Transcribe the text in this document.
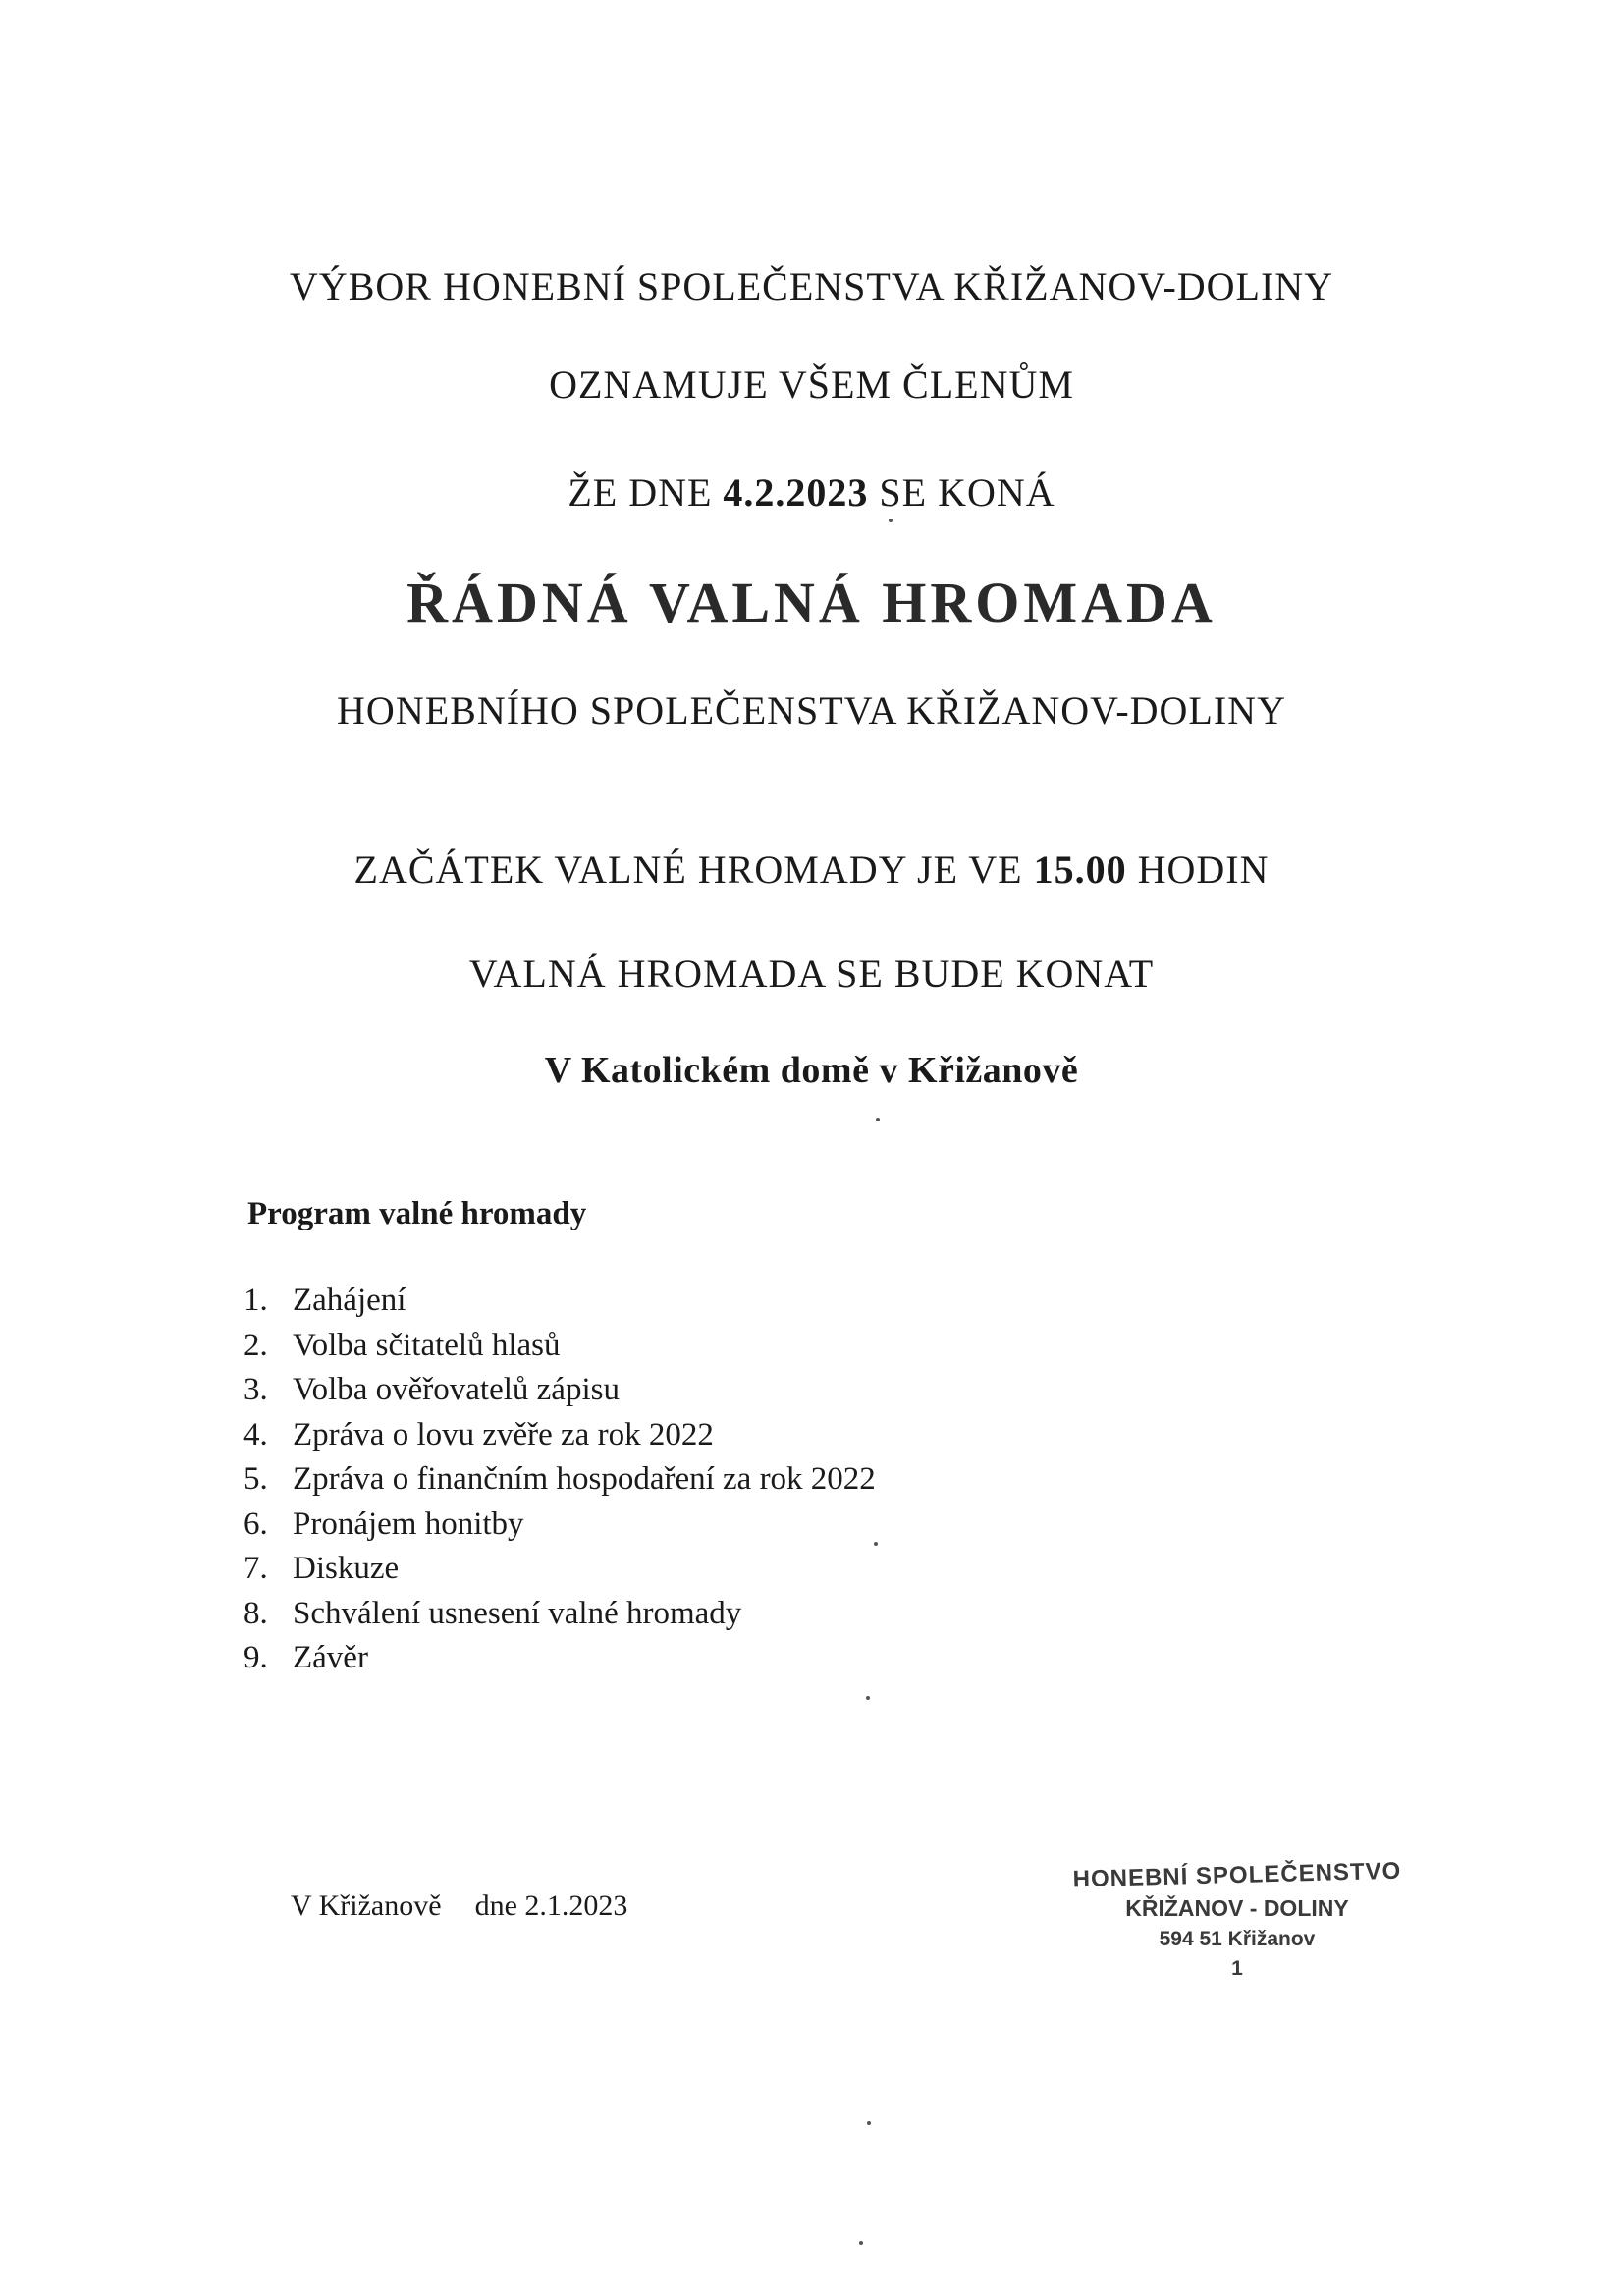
VÝBOR HONEBNÍ SPOLEČENSTVA KŘIŽANOV-DOLINY
OZNAMUJE VŠEM ČLENŮM
ŽE DNE 4.2.2023 SE KONÁ
ŘÁDNÁ VALNÁ HROMADA
HONEBNÍHO SPOLEČENSTVA KŘIŽANOV-DOLINY
ZAČÁTEK VALNÉ HROMADY JE VE 15.00 HODIN
VALNÁ HROMADA SE BUDE KONAT
V Katolickém domě v Křižanově
Program valné hromady
1. Zahájení
2. Volba sčitatelů hlasů
3. Volba ověřovatelů zápisu
4. Zpráva o lovu zvěře za rok 2022
5. Zpráva o finančním hospodaření za rok 2022
6. Pronájem honitby
7. Diskuze
8. Schválení usnesení valné hromady
9. Závěr
V Křižanově dne 2.1.2023
HONEBNÍ SPOLEČENSTVO
KŘIŽANOV - DOLINY
594 51 Křižanov
1
